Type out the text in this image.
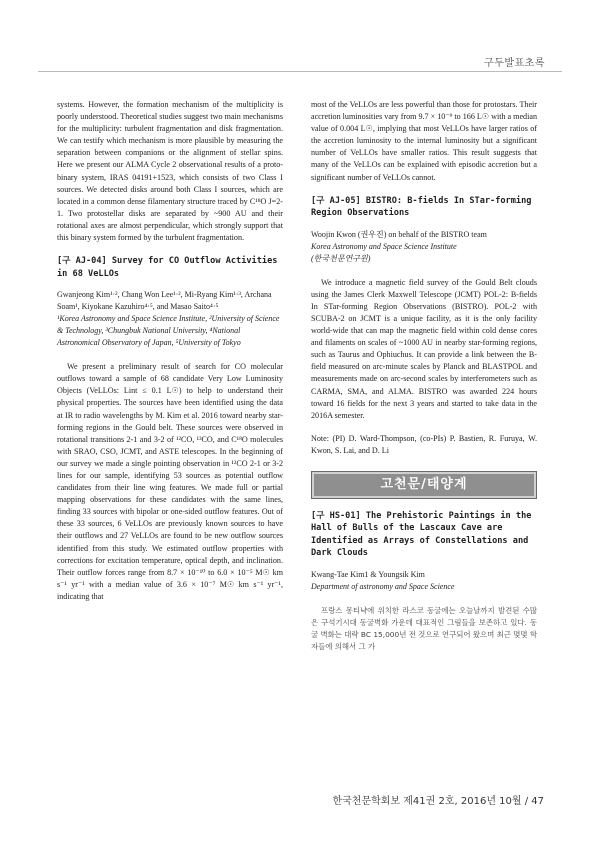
구두발표초록

systems. However, the formation mechanism of the multiplicity is poorly understood. Theoretical studies suggest two main mechanisms for the multiplicity: turbulent fragmentation and disk fragmentation. We can testify which mechanism is more plausible by measuring the separation between companions or the alignment of stellar spins. Here we present our ALMA Cycle 2 observational results of a proto-binary system, IRAS 04191+1523, which consists of two Class I sources. We detected disks around both Class I sources, which are located in a common dense filamentary structure traced by C¹⁸O J=2-1. Two protostellar disks are separated by ~900 AU and their rotational axes are almost perpendicular, which strongly support that this binary system formed by the turbulent fragmentation.

[구 AJ-04] Survey for CO Outflow Activities in 68 VeLLOs

Gwanjeong Kim¹·², Chang Won Lee¹·², Mi-Ryang Kim¹·³, Archana Soam¹, Kiyokane Kazuhiro⁴·⁵, and Masao Saito⁴·⁵

¹Korea Astronomy and Space Science Institute, ²University of Science & Technology, ³Chungbuk National University, ⁴National Astronomical Observatory of Japan, ⁵University of Tokyo

We present a preliminary result of search for CO molecular outflows toward a sample of 68 candidate Very Low Luminosity Objects (VeLLOs: Lint ≤ 0.1 L☉) to help to understand their physical properties. The sources have been identified using the data at IR to radio wavelengths by M. Kim et al. 2016 toward nearby star-forming regions in the Gould belt. These sources were observed in rotational transitions 2-1 and 3-2 of ¹²CO, ¹³CO, and C¹⁸O molecules with SRAO, CSO, JCMT, and ASTE telescopes. In the beginning of our survey we made a single pointing observation in ¹²CO 2-1 or 3-2 lines for our sample, identifying 53 sources as potential outflow candidates from their line wing features. We made full or partial mapping observations for these candidates with the same lines, finding 33 sources with bipolar or one-sided outflow features. Out of these 33 sources, 6 VeLLOs are previously known sources to have their outflows and 27 VeLLOs are found to be new outflow sources identified from this study. We estimated outflow properties with corrections for excitation temperature, optical depth, and inclination. Their outflow forces range from 8.7 × 10⁻¹⁰ to 6.0 × 10⁻⁵ M☉ km s⁻¹ yr⁻¹ with a median value of 3.6 × 10⁻⁷ M☉ km s⁻¹ yr⁻¹, indicating that

most of the VeLLOs are less powerful than those for protostars. Their accretion luminosities vary from 9.7 × 10⁻⁹ to 166 L☉ with a median value of 0.004 L☉, implying that most VeLLOs have larger ratios of the accretion luminosity to the internal luminosity but a significant number of VeLLOs have smaller ratios. This result suggests that many of the VeLLOs can be explained with episodic accretion but a significant number of VeLLOs cannot.

[구 AJ-05] BISTRO: B-fields In STar-forming Region Observations

Woojin Kwon (권우진) on behalf of the BISTRO team

Korea Astronomy and Space Science Institute

(한국천문연구원)

We introduce a magnetic field survey of the Gould Belt clouds using the James Clerk Maxwell Telescope (JCMT) POL-2: B-fields In STar-forming Region Observations (BISTRO). POL-2 with SCUBA-2 on JCMT is a unique facility, as it is the only facility world-wide that can map the magnetic field within cold dense cores and filaments on scales of ~1000 AU in nearby star-forming regions, such as Taurus and Ophiuchus. It can provide a link between the B-field measured on arc-minute scales by Planck and BLASTPOL and measurements made on arc-second scales by interferometers such as CARMA, SMA, and ALMA. BISTRO was awarded 224 hours toward 16 fields for the next 3 years and started to take data in the 2016A semester.

Note: (PI) D. Ward-Thompson, (co-PIs) P. Bastien, R. Furuya, W. Kwon, S. Lai, and D. Li

고천문/태양계
[구 HS-01] The Prehistoric Paintings in the Hall of Bulls of the Lascaux Cave are Identified as Arrays of Constellations and Dark Clouds

Kwang-Tae Kim1 & Youngsik Kim

Department of astronomy and Space Science

프랑스 몽티냑에 위치한 라스코 동굴에는 오늘날까지 발견된 수많은 구석기시대 동굴벽화 가운데 대표적인 그림들을 보존하고 있다. 동굴 벽화는 대략 BC 15,000년 전 것으로 연구되어 왔으며 최근 몇몇 학자들에 의해서 그 가

한국천문학회보 제41권 2호, 2016년 10월 / 47
